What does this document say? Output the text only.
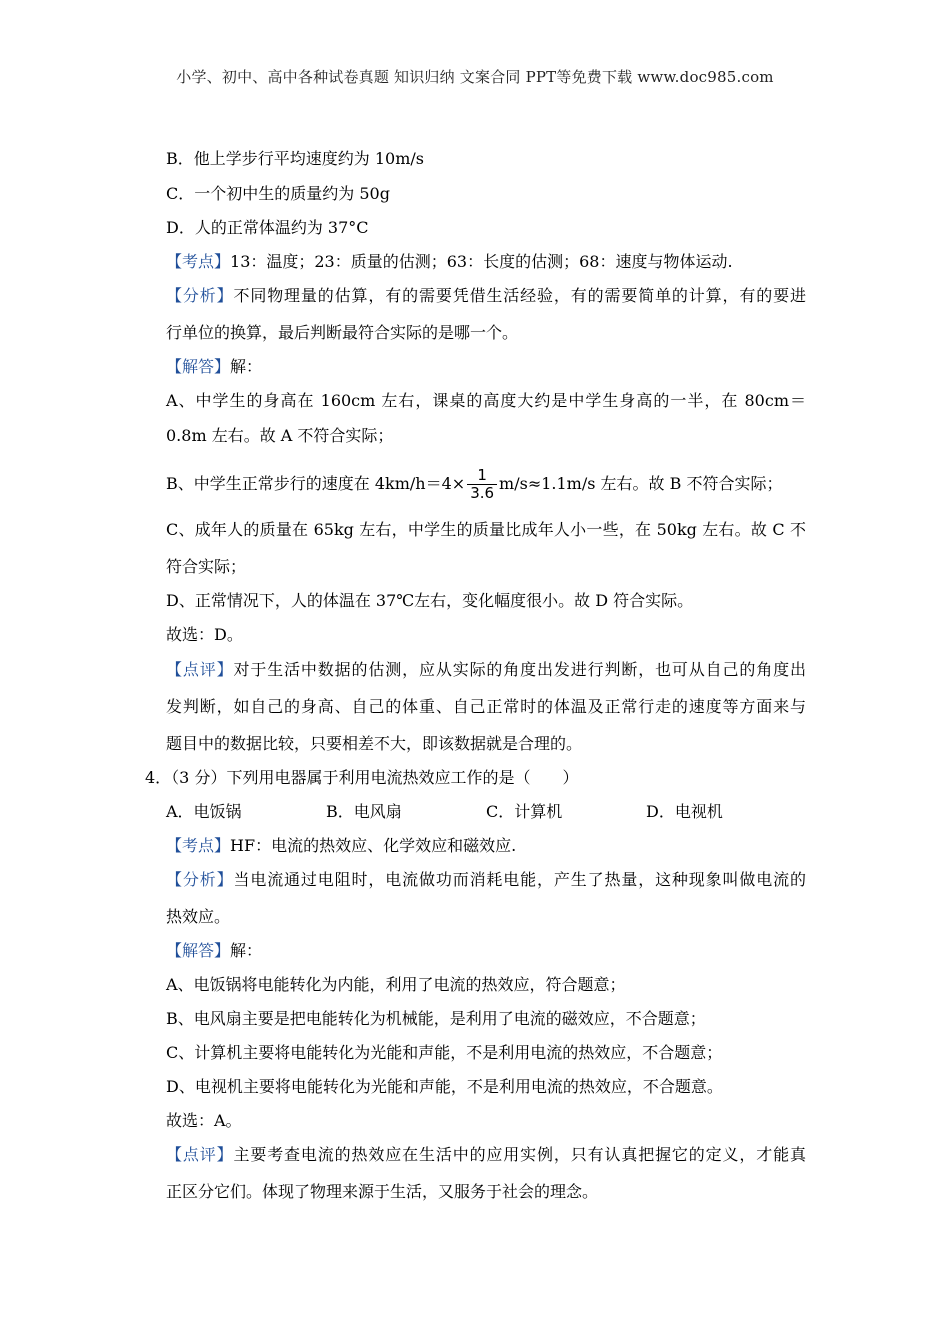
小学、初中、高中各种试卷真题 知识归纳 文案合同 PPT等免费下载 www.doc985.com
B．他上学步行平均速度约为 10m/s
C．一个初中生的质量约为 50g
D．人的正常体温约为 37°C
【考点】13：温度；23：质量的估测；63：长度的估测；68：速度与物体运动.
【分析】不同物理量的估算，有的需要凭借生活经验，有的需要简单的计算，有的要进
行单位的换算，最后判断最符合实际的是哪一个。
【解答】解：
A、中学生的身高在 160cm 左右，课桌的高度大约是中学生身高的一半，在 80cm＝
0.8m 左右。故 A 不符合实际；
B、中学生正常步行的速度在 $4km/h=4\times \frac{1}{3.6} m/s\approx 1.1m/s$ 左右。故 B 不符合实际；
C、成年人的质量在 65kg 左右，中学生的质量比成年人小一些，在 50kg 左右。故 C 不
符合实际；
D、正常情况下，人的体温在 37℃左右，变化幅度很小。故 D 符合实际。
故选：D。
【点评】对于生活中数据的估测，应从实际的角度出发进行判断，也可从自己的角度出
发判断，如自己的身高、自己的体重、自己正常时的体温及正常行走的速度等方面来与
题目中的数据比较，只要相差不大，即该数据就是合理的。
4．（3 分）下列用电器属于利用电流热效应工作的是（　　）
A．电饭锅	B．电风扇	C．计算机	D．电视机
【考点】HF：电流的热效应、化学效应和磁效应.
【分析】当电流通过电阻时，电流做功而消耗电能，产生了热量，这种现象叫做电流的
热效应。
【解答】解：
A、电饭锅将电能转化为内能，利用了电流的热效应，符合题意；
B、电风扇主要是把电能转化为机械能，是利用了电流的磁效应，不合题意；
C、计算机主要将电能转化为光能和声能，不是利用电流的热效应，不合题意；
D、电视机主要将电能转化为光能和声能，不是利用电流的热效应，不合题意。
故选：A。
【点评】主要考查电流的热效应在生活中的应用实例，只有认真把握它的定义，才能真
正区分它们。体现了物理来源于生活，又服务于社会的理念。
